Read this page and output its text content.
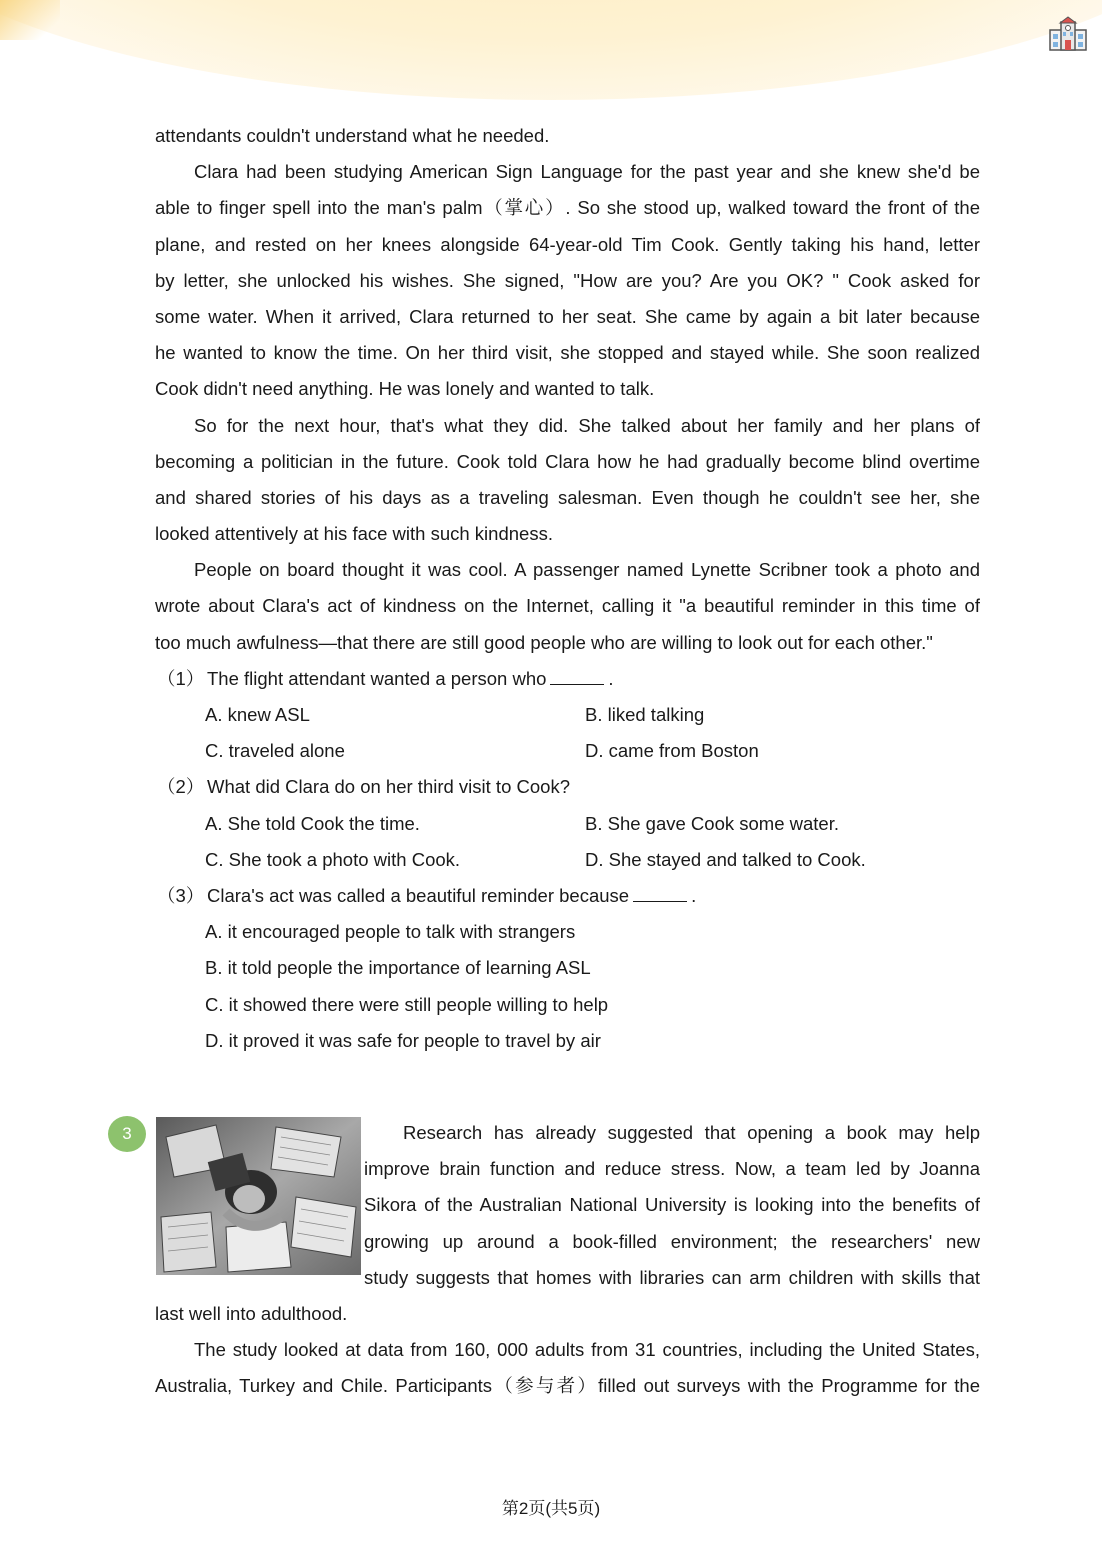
attendants couldn't understand what he needed.
Clara had been studying American Sign Language for the past year and she knew she'd be
able to finger spell into the man's palm（掌心）. So she stood up, walked toward the front of the
plane, and rested on her knees alongside 64-year-old Tim Cook. Gently taking his hand, letter
by letter, she unlocked his wishes. She signed, "How are you? Are you OK? " Cook asked for
some water. When it arrived, Clara returned to her seat. She came by again a bit later because
he wanted to know the time. On her third visit, she stopped and stayed while. She soon realized
Cook didn't need anything. He was lonely and wanted to talk.
So for the next hour, that's what they did. She talked about her family and her plans of
becoming a politician in the future. Cook told Clara how he had gradually become blind overtime
and shared stories of his days as a traveling salesman. Even though he couldn't see her, she
looked attentively at his face with such kindness.
People on board thought it was cool. A passenger named Lynette Scribner took a photo and
wrote about Clara's act of kindness on the Internet, calling it "a beautiful reminder in this time of
too much awfulness—that there are still good people who are willing to look out for each other."
（1） The flight attendant wanted a person who	.
A. knew ASL	B. liked talking
C. traveled alone	D. came from Boston
（2） What did Clara do on her third visit to Cook?
A. She told Cook the time.	B. She gave Cook some water.
C. She took a photo with Cook.	D. She stayed and talked to Cook.
（3） Clara's act was called a beautiful reminder because	.
A. it encouraged people to talk with strangers
B. it told people the importance of learning ASL
C. it showed there were still people willing to help
D. it proved it was safe for people to travel by air
3	Research has already suggested that opening a book may help
improve brain function and reduce stress. Now, a team led by Joanna
Sikora of the Australian National University is looking into the benefits of
growing up around a book-filled environment; the researchers' new
study suggests that homes with libraries can arm children with skills that
last well into adulthood.
The study looked at data from 160, 000 adults from 31 countries, including the United States,
Australia, Turkey and Chile. Participants（参与者）filled out surveys with the Programme for the
第2页(共5页)
